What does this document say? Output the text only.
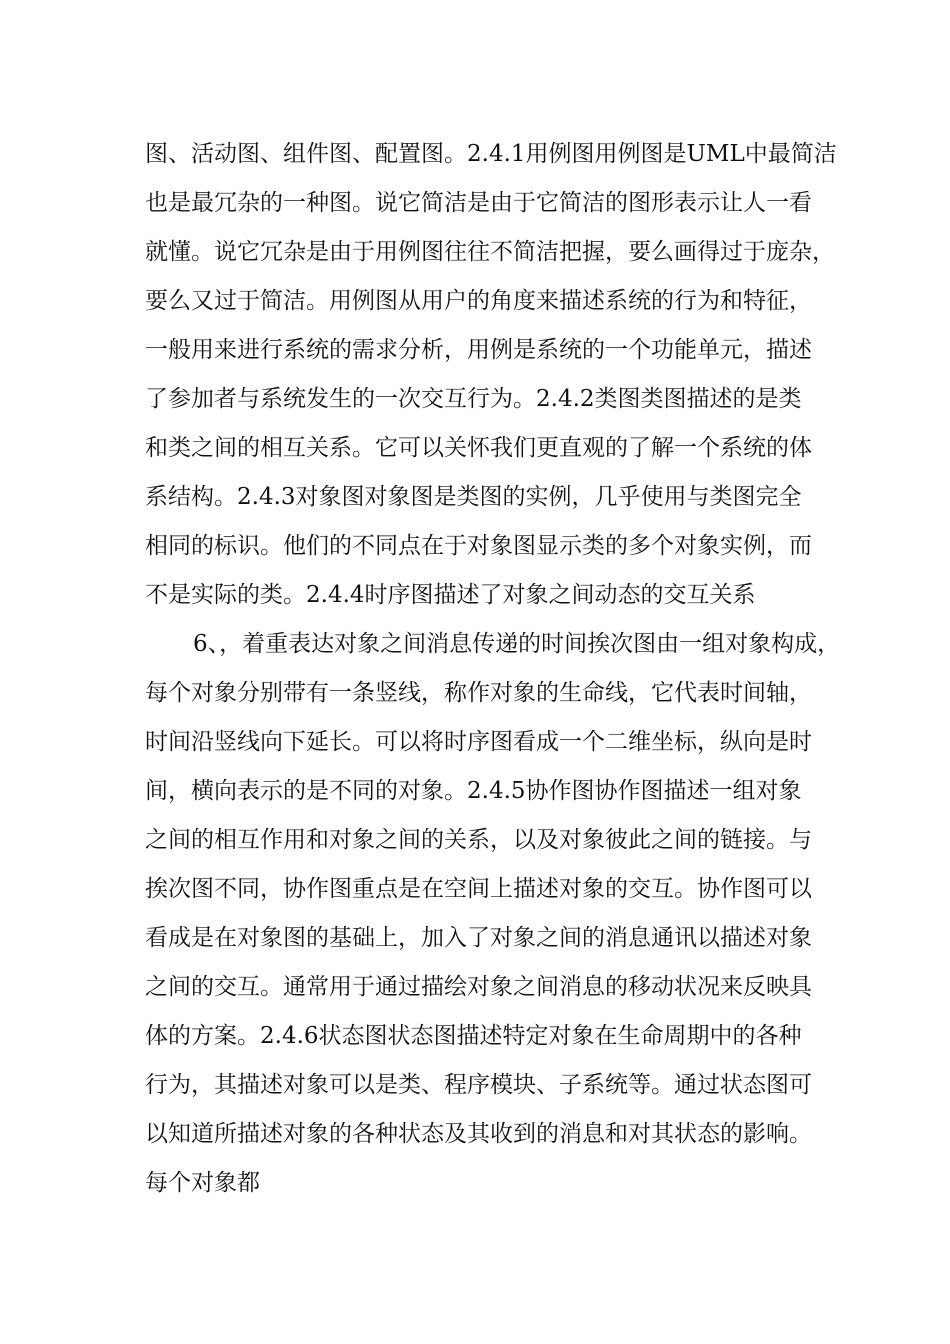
图、活动图、组件图、配置图。2.4.1用例图用例图是UML中最简洁
也是最冗杂的一种图。说它简洁是由于它简洁的图形表示让人一看
就懂。说它冗杂是由于用例图往往不简洁把握，要么画得过于庞杂，
要么又过于简洁。用例图从用户的角度来描述系统的行为和特征，
一般用来进行系统的需求分析，用例是系统的一个功能单元，描述
了参加者与系统发生的一次交互行为。2.4.2类图类图描述的是类
和类之间的相互关系。它可以关怀我们更直观的了解一个系统的体
系结构。2.4.3对象图对象图是类图的实例，几乎使用与类图完全
相同的标识。他们的不同点在于对象图显示类的多个对象实例，而
不是实际的类。2.4.4时序图描述了对象之间动态的交互关系
6、，着重表达对象之间消息传递的时间挨次图由一组对象构成，
每个对象分别带有一条竖线，称作对象的生命线，它代表时间轴，
时间沿竖线向下延长。可以将时序图看成一个二维坐标，纵向是时
间，横向表示的是不同的对象。2.4.5协作图协作图描述一组对象
之间的相互作用和对象之间的关系，以及对象彼此之间的链接。与
挨次图不同，协作图重点是在空间上描述对象的交互。协作图可以
看成是在对象图的基础上，加入了对象之间的消息通讯以描述对象
之间的交互。通常用于通过描绘对象之间消息的移动状况来反映具
体的方案。2.4.6状态图状态图描述特定对象在生命周期中的各种
行为，其描述对象可以是类、程序模块、子系统等。通过状态图可
以知道所描述对象的各种状态及其收到的消息和对其状态的影响。
每个对象都
